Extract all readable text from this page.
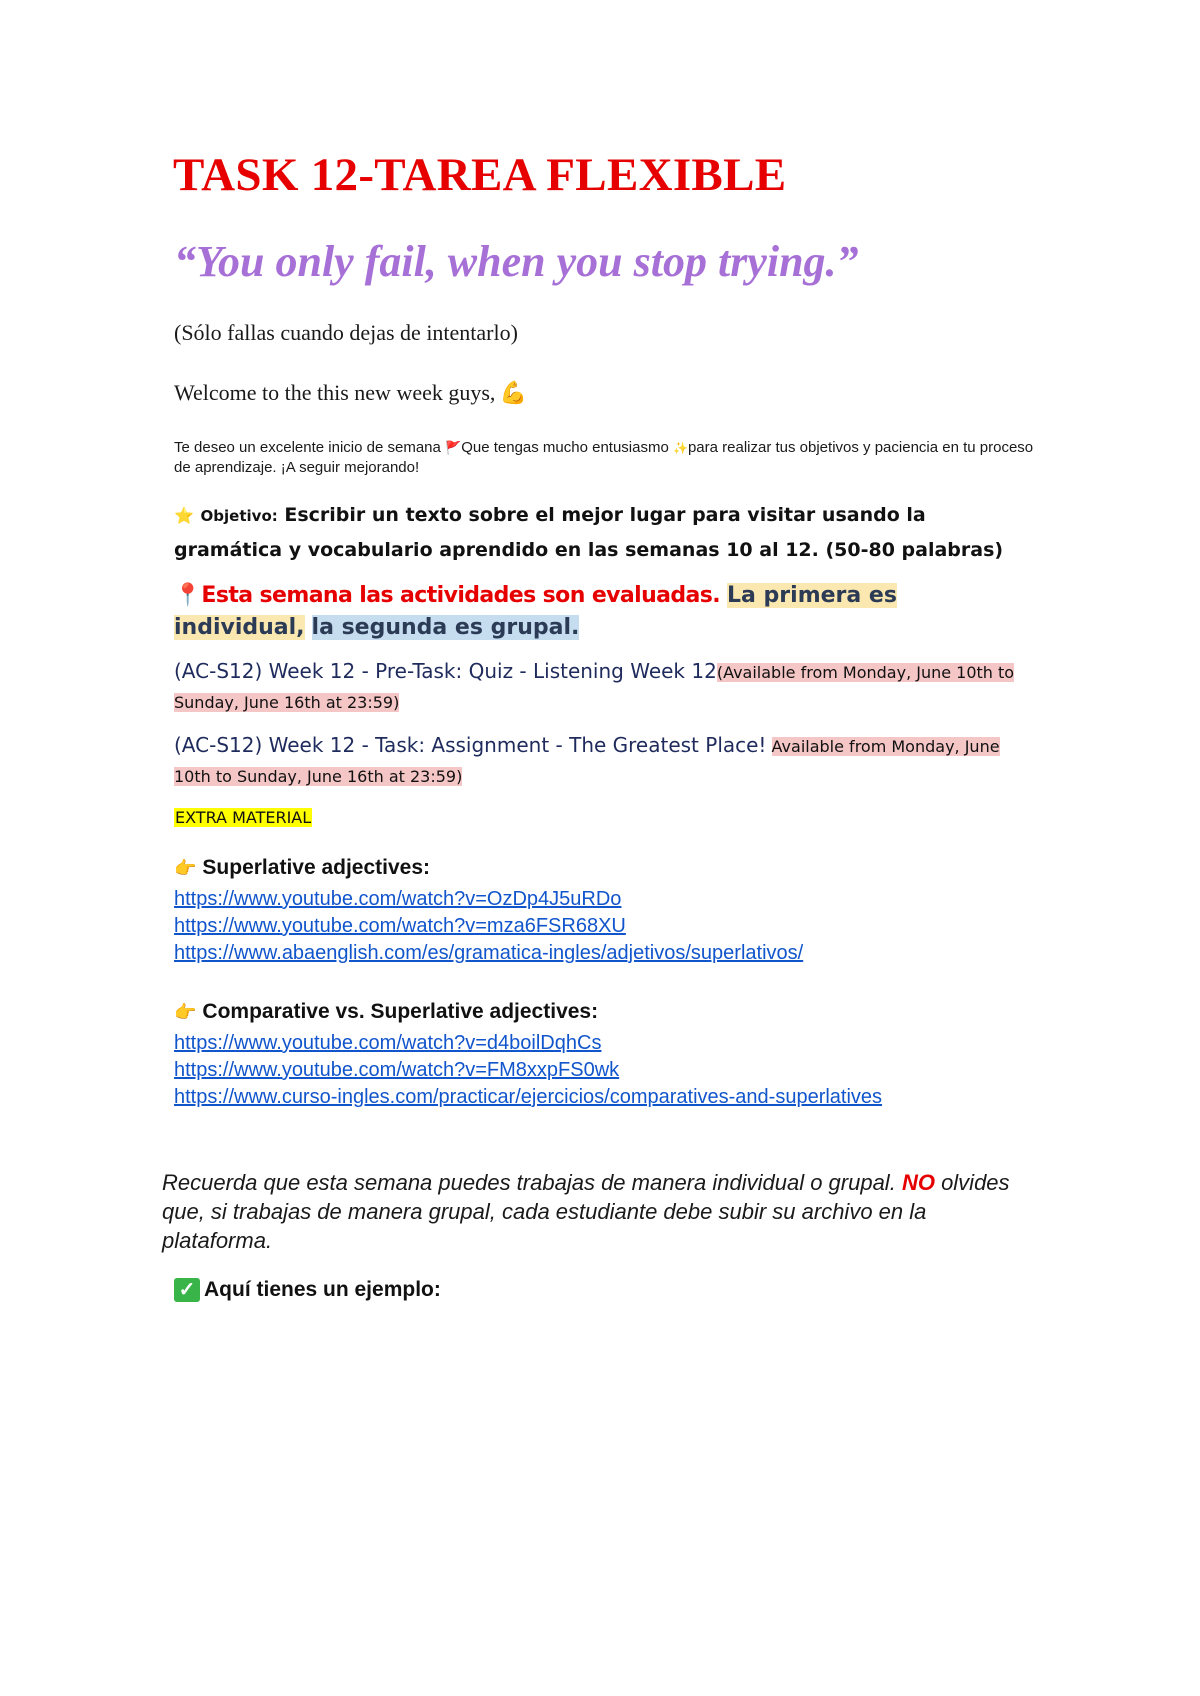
TASK 12-TAREA FLEXIBLE
“You only fail, when you stop trying.”
(Sólo fallas cuando dejas de intentarlo)
Welcome to the this new week guys, 💪
Te deseo un excelente inicio de semana 🚩Que tengas mucho entusiasmo ✨para realizar tus objetivos y paciencia en tu proceso de aprendizaje. ¡A seguir mejorando!
⭐ Objetivo: Escribir un texto sobre el mejor lugar para visitar usando la gramática y vocabulario aprendido en las semanas 10 al 12. (50-80 palabras)
📍Esta semana las actividades son evaluadas. La primera es individual, la segunda es grupal.
(AC-S12) Week 12 - Pre-Task: Quiz - Listening Week 12(Available from Monday, June 10th to Sunday, June 16th at 23:59)
(AC-S12) Week 12 - Task: Assignment - The Greatest Place! Available from Monday, June 10th to Sunday, June 16th at 23:59)
EXTRA MATERIAL
👉 Superlative adjectives:
https://www.youtube.com/watch?v=OzDp4J5uRDo
https://www.youtube.com/watch?v=mza6FSR68XU
https://www.abaenglish.com/es/gramatica-ingles/adjetivos/superlativos/
👉 Comparative vs. Superlative adjectives:
https://www.youtube.com/watch?v=d4boilDqhCs
https://www.youtube.com/watch?v=FM8xxpFS0wk
https://www.curso-ingles.com/practicar/ejercicios/comparatives-and-superlatives
Recuerda que esta semana puedes trabajas de manera individual o grupal. NO olvides que, si trabajas de manera grupal, cada estudiante debe subir su archivo en la plataforma.
✓ Aquí tienes un ejemplo:
